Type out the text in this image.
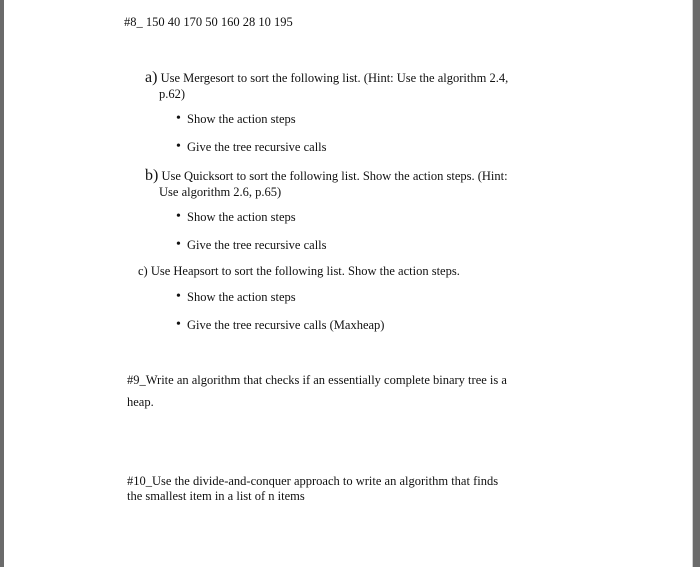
#8_ 150 40 170 50 160 28 10 195
a) Use Mergesort to sort the following list. (Hint: Use the algorithm 2.4,
p.62)
• Show the action steps
• Give the tree recursive calls
b) Use Quicksort to sort the following list. Show the action steps. (Hint:
Use algorithm 2.6, p.65)
• Show the action steps
• Give the tree recursive calls
c) Use Heapsort to sort the following list. Show the action steps.
• Show the action steps
• Give the tree recursive calls (Maxheap)
#9_Write an algorithm that checks if an essentially complete binary tree is a
heap.
#10_Use the divide-and-conquer approach to write an algorithm that finds
the smallest item in a list of n items
